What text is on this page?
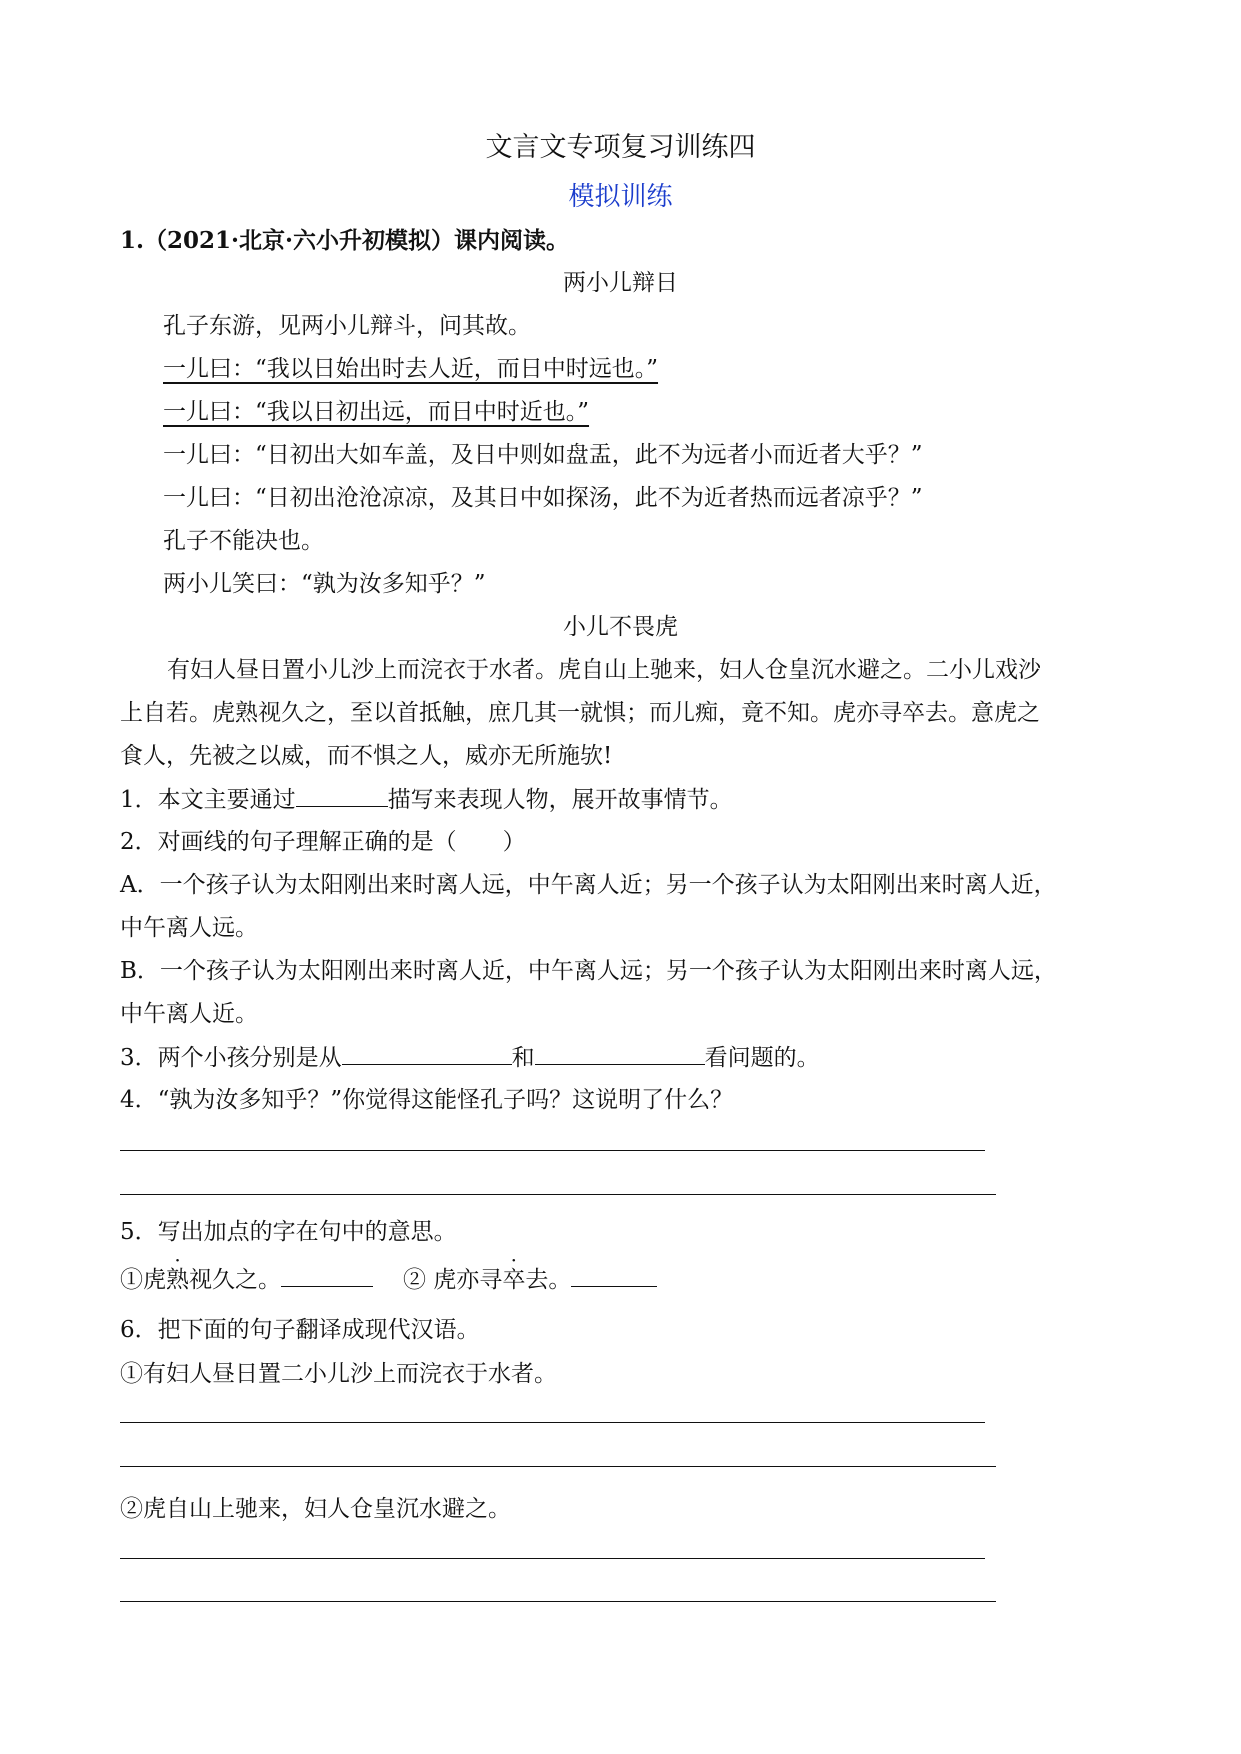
文言文专项复习训练四
模拟训练
1.（2021·北京·六小升初模拟）课内阅读。
两小儿辩日
孔子东游，见两小儿辩斗，问其故。
一儿曰：“我以日始出时去人近，而日中时远也。”
一儿曰：“我以日初出远，而日中时近也。”
一儿曰：“日初出大如车盖，及日中则如盘盂，此不为远者小而近者大乎？”
一儿曰：“日初出沧沧凉凉，及其日中如探汤，此不为近者热而远者凉乎？”
孔子不能决也。
两小儿笑曰：“孰为汝多知乎？”
小儿不畏虎
有妇人昼日置小儿沙上而浣衣于水者。虎自山上驰来，妇人仓皇沉水避之。二小儿戏沙
上自若。虎熟视久之，至以首抵触，庶几其一就惧；而儿痴，竟不知。虎亦寻卒去。意虎之
食人，先被之以威，而不惧之人，威亦无所施欤!
1．本文主要通过	描写来表现人物，展开故事情节。
2．对画线的句子理解正确的是（　　）
A．一个孩子认为太阳刚出来时离人远，中午离人近；另一个孩子认为太阳刚出来时离人近，
中午离人远。
B．一个孩子认为太阳刚出来时离人近，中午离人远；另一个孩子认为太阳刚出来时离人远，
中午离人近。
3．两个小孩分别是从	和	看问题的。
4．“孰为汝多知乎？”你觉得这能怪孔子吗？这说明了什么？
5．写出加点的字在句中的意思。
①虎熟视久之。	② 虎亦寻卒去。
6．把下面的句子翻译成现代汉语。
①有妇人昼日置二小儿沙上而浣衣于水者。
②虎自山上驰来，妇人仓皇沉水避之。
